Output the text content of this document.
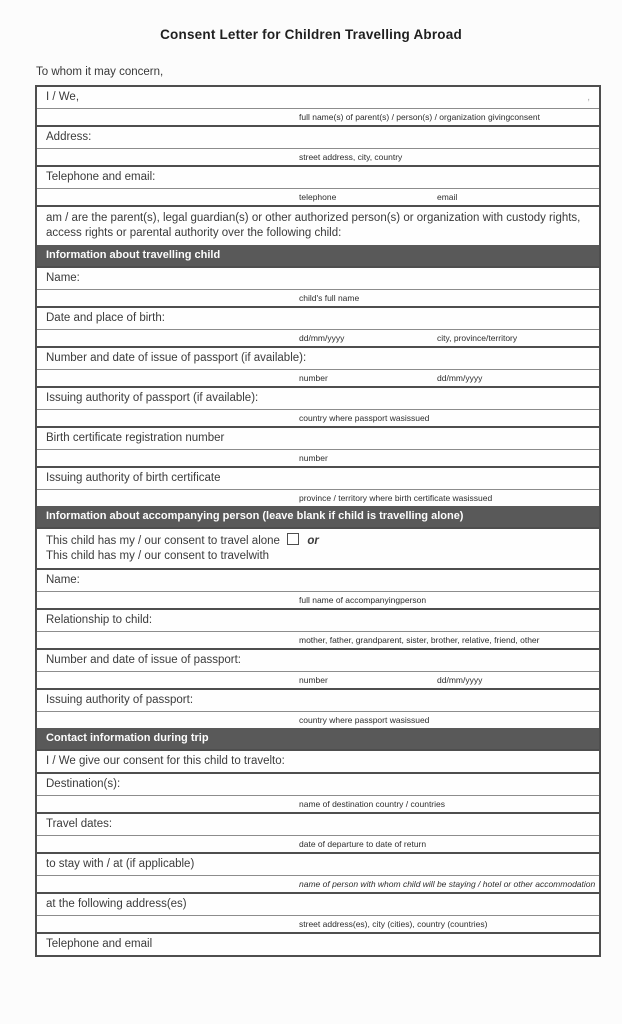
Consent Letter for Children Travelling Abroad
To whom it may concern,
I / We,	,
full name(s) of parent(s) / person(s) / organization givingconsent
Address:
street address, city, country
Telephone and email:
telephone	email
am / are the parent(s), legal guardian(s) or other authorized person(s) or organization with custody rights, access rights or parental authority over the following child:
Information about travelling child
Name:
child's full name
Date and place of birth:
dd/mm/yyyy	city, province/territory
Number and date of issue of passport (if available):
number	dd/mm/yyyy
Issuing authority of passport (if available):
country where passport wasissued
Birth certificate registration number
number
Issuing authority of birth certificate
province / territory where birth certificate wasissued
Information about accompanying person (leave blank if child is travelling alone)
This child has my / our consent to travel alone or
This child has my / our consent to travelwith
Name:
full name of accompanyingperson
Relationship to child:
mother, father, grandparent, sister, brother, relative, friend, other
Number and date of issue of passport:
number	dd/mm/yyyy
Issuing authority of passport:
country where passport wasissued
Contact information during trip
I / We give our consent for this child to travelto:
Destination(s):
name of destination country / countries
Travel dates:
date of departure to date of return
to stay with / at (if applicable)
name of person with whom child will be staying / hotel or other accommodation
at the following address(es)
street address(es), city (cities), country (countries)
Telephone and email
